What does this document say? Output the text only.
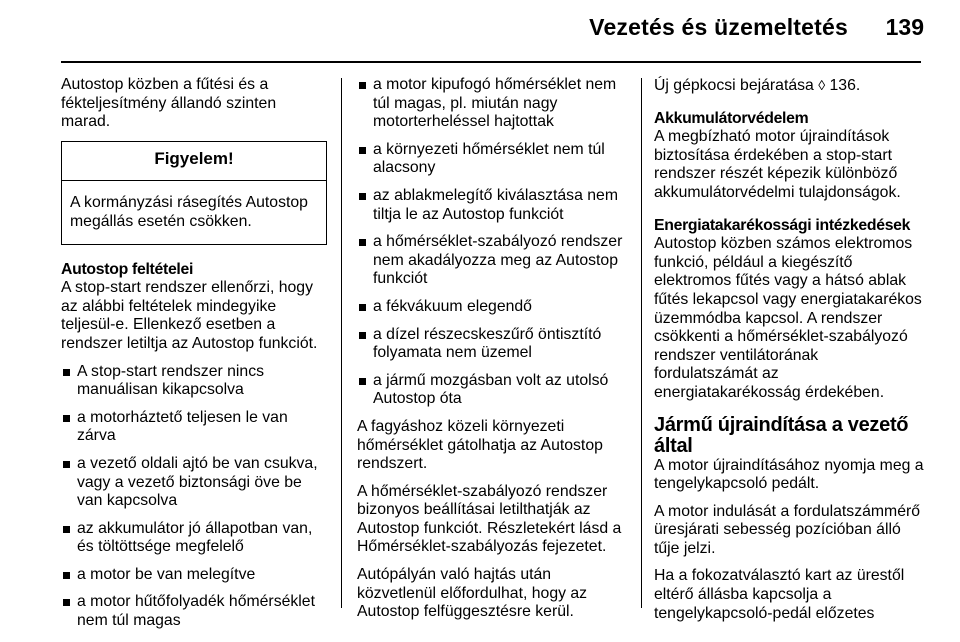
Vezetés és üzemeltetés 139

Autostop közben a fűtési és a fékteljesítmény állandó szinten marad.

Figyelem!
A kormányzási rásegítés Autostop megállás esetén csökken.
Autostop feltételei

A stop-start rendszer ellenőrzi, hogy az alábbi feltételek mindegyike teljesül-e. Ellenkező esetben a rendszer letiltja az Autostop funkciót.

A stop-start rendszer nincs manuálisan kikapcsolva
a motorháztető teljesen le van zárva
a vezető oldali ajtó be van csukva, vagy a vezető biztonsági öve be van kapcsolva
az akkumulátor jó állapotban van, és töltöttsége megfelelő
a motor be van melegítve
a motor hűtőfolyadék hőmérséklet nem túl magas
a motor kipufogó hőmérséklet nem túl magas, pl. miután nagy motorterheléssel hajtottak
a környezeti hőmérséklet nem túl alacsony
az ablakmelegítő kiválasztása nem tiltja le az Autostop funkciót
a hőmérséklet-szabályozó rendszer nem akadályozza meg az Autostop funkciót
a fékvákuum elegendő
a dízel részecskeszűrő öntisztító folyamata nem üzemel
a jármű mozgásban volt az utolsó Autostop óta

A fagyáshoz közeli környezeti hőmérséklet gátolhatja az Autostop rendszert.

A hőmérséklet-szabályozó rendszer bizonyos beállításai letilthatják az Autostop funkciót. Részletekért lásd a Hőmérséklet-szabályozás fejezetet.

Autópályán való hajtás után közvetlenül előfordulhat, hogy az Autostop felfüggesztésre kerül.

Új gépkocsi bejáratása ◊ 136.

Akkumulátorvédelem

A megbízható motor újraindítások biztosítása érdekében a stop-start rendszer részét képezik különböző akkumulátorvédelmi tulajdonságok.

Energiatakarékossági intézkedések

Autostop közben számos elektromos funkció, például a kiegészítő elektromos fűtés vagy a hátsó ablak fűtés lekapcsol vagy energiatakarékos üzemmódba kapcsol. A rendszer csökkenti a hőmérséklet-szabályozó rendszer ventilátorának fordulatszámát az energiatakarékosság érdekében.

Jármű újraindítása a vezető által

A motor újraindításához nyomja meg a tengelykapcsoló pedált.

A motor indulását a fordulatszámmérő üresjárati sebesség pozícióban álló tűje jelzi.

Ha a fokozatválasztó kart az ürestől eltérő állásba kapcsolja a tengelykapcsoló-pedál előzetes
